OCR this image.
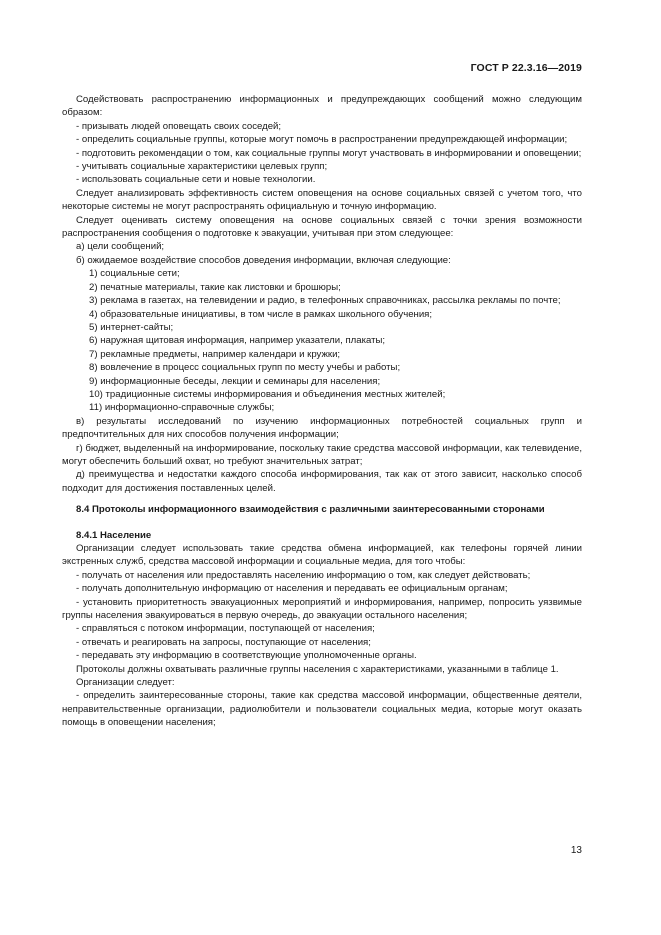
ГОСТ Р 22.3.16—2019

Содействовать распространению информационных и предупреждающих сообщений можно следующим образом:

- призывать людей оповещать своих соседей;

- определить социальные группы, которые могут помочь в распространении предупреждающей информации;

- подготовить рекомендации о том, как социальные группы могут участвовать в информировании и оповещении;

- учитывать социальные характеристики целевых групп;

- использовать социальные сети и новые технологии.

Следует анализировать эффективность систем оповещения на основе социальных связей с учетом того, что некоторые системы не могут распространять официальную и точную информацию.

Следует оценивать систему оповещения на основе социальных связей с точки зрения возможности распространения сообщения о подготовке к эвакуации, учитывая при этом следующее:

а) цели сообщений;

б) ожидаемое воздействие способов доведения информации, включая следующие:

1) социальные сети;

2) печатные материалы, такие как листовки и брошюры;

3) реклама в газетах, на телевидении и радио, в телефонных справочниках, рассылка рекламы по почте;

4) образовательные инициативы, в том числе в рамках школьного обучения;

5) интернет-сайты;

6) наружная щитовая информация, например указатели, плакаты;

7) рекламные предметы, например календари и кружки;

8) вовлечение в процесс социальных групп по месту учебы и работы;

9) информационные беседы, лекции и семинары для населения;

10) традиционные системы информирования и объединения местных жителей;

11) информационно-справочные службы;

в) результаты исследований по изучению информационных потребностей социальных групп и предпочтительных для них способов получения информации;

г) бюджет, выделенный на информирование, поскольку такие средства массовой информации, как телевидение, могут обеспечить больший охват, но требуют значительных затрат;

д) преимущества и недостатки каждого способа информирования, так как от этого зависит, насколько способ подходит для достижения поставленных целей.

8.4 Протоколы информационного взаимодействия с различными заинтересованными сторонами

8.4.1 Население

Организации следует использовать такие средства обмена информацией, как телефоны горячей линии экстренных служб, средства массовой информации и социальные медиа, для того чтобы:

- получать от населения или предоставлять населению информацию о том, как следует действовать;

- получать дополнительную информацию от населения и передавать ее официальным органам;

- установить приоритетность эвакуационных мероприятий и информирования, например, попросить уязвимые группы населения эвакуироваться в первую очередь, до эвакуации остального населения;

- справляться с потоком информации, поступающей от населения;

- отвечать и реагировать на запросы, поступающие от населения;

- передавать эту информацию в соответствующие уполномоченные органы.

Протоколы должны охватывать различные группы населения с характеристиками, указанными в таблице 1.

Организации следует:

- определить заинтересованные стороны, такие как средства массовой информации, общественные деятели, неправительственные организации, радиолюбители и пользователи социальных медиа, которые могут оказать помощь в оповещении населения;

13
